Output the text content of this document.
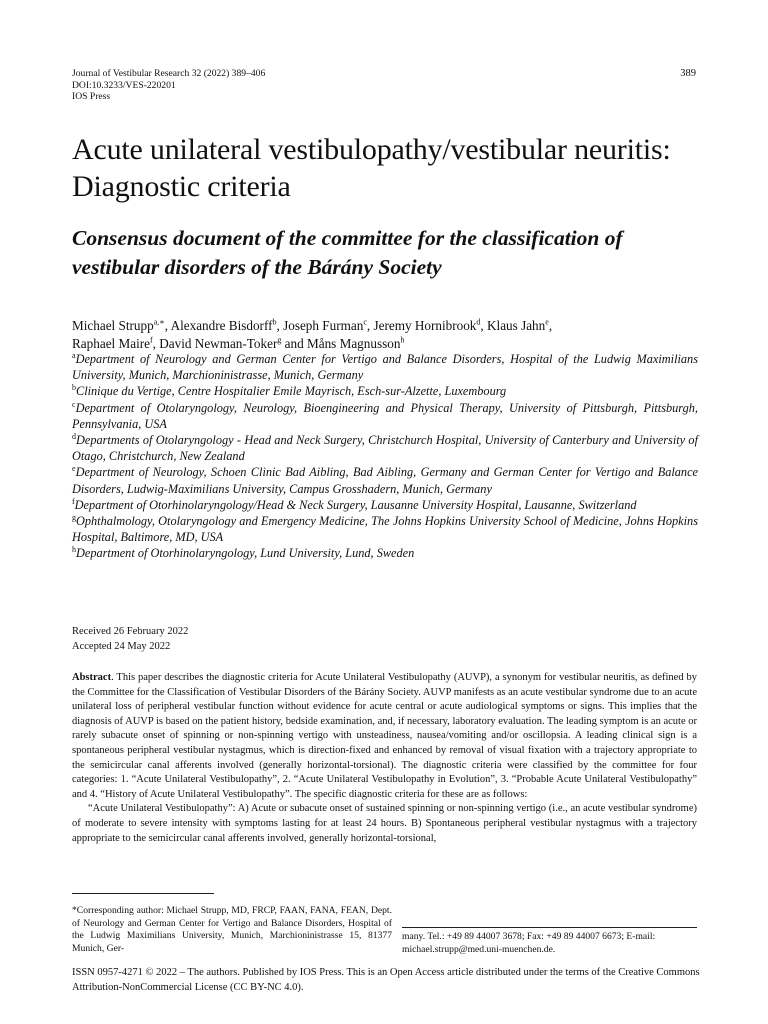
Journal of Vestibular Research 32 (2022) 389–406
DOI:10.3233/VES-220201
IOS Press
389
Acute unilateral vestibulopathy/vestibular neuritis: Diagnostic criteria
Consensus document of the committee for the classification of vestibular disorders of the Bárány Society
Michael Strupp$^{a,∗}$, Alexandre Bisdorff$^b$, Joseph Furman$^c$, Jeremy Hornibrook$^d$, Klaus Jahn$^e$,
Raphael Maire$^f$, David Newman-Toker$^g$ and Måns Magnusson$^h$

$^a$Department of Neurology and German Center for Vertigo and Balance Disorders, Hospital of the Ludwig Maximilians University, Munich, Marchioninistrasse, Munich, Germany

$^b$Clinique du Vertige, Centre Hospitalier Emile Mayrisch, Esch-sur-Alzette, Luxembourg

$^c$Department of Otolaryngology, Neurology, Bioengineering and Physical Therapy, University of Pittsburgh, Pittsburgh, Pennsylvania, USA

$^d$Departments of Otolaryngology - Head and Neck Surgery, Christchurch Hospital, University of Canterbury and University of Otago, Christchurch, New Zealand

$^e$Department of Neurology, Schoen Clinic Bad Aibling, Bad Aibling, Germany and German Center for Vertigo and Balance Disorders, Ludwig-Maximilians University, Campus Grosshadern, Munich, Germany

$^f$Department of Otorhinolaryngology/Head & Neck Surgery, Lausanne University Hospital, Lausanne, Switzerland

$^g$Ophthalmology, Otolaryngology and Emergency Medicine, The Johns Hopkins University School of Medicine, Johns Hopkins Hospital, Baltimore, MD, USA

$^h$Department of Otorhinolaryngology, Lund University, Lund, Sweden

Received 26 February 2022
Accepted 24 May 2022

Abstract. This paper describes the diagnostic criteria for Acute Unilateral Vestibulopathy (AUVP), a synonym for vestibular neuritis, as defined by the Committee for the Classification of Vestibular Disorders of the Bárány Society. AUVP manifests as an acute vestibular syndrome due to an acute unilateral loss of peripheral vestibular function without evidence for acute central or acute audiological symptoms or signs. This implies that the diagnosis of AUVP is based on the patient history, bedside examination, and, if necessary, laboratory evaluation. The leading symptom is an acute or rarely subacute onset of spinning or non-spinning vertigo with unsteadiness, nausea/vomiting and/or oscillopsia. A leading clinical sign is a spontaneous peripheral vestibular nystagmus, which is direction-fixed and enhanced by removal of visual fixation with a trajectory appropriate to the semicircular canal afferents involved (generally horizontal-torsional). The diagnostic criteria were classified by the committee for four categories: 1. “Acute Unilateral Vestibulopathy”, 2. “Acute Unilateral Vestibulopathy in Evolution”, 3. “Probable Acute Unilateral Vestibulopathy” and 4. “History of Acute Unilateral Vestibulopathy”. The specific diagnostic criteria for these are as follows:

“Acute Unilateral Vestibulopathy”: A) Acute or subacute onset of sustained spinning or non-spinning vertigo (i.e., an acute vestibular syndrome) of moderate to severe intensity with symptoms lasting for at least 24 hours. B) Spontaneous peripheral vestibular nystagmus with a trajectory appropriate to the semicircular canal afferents involved, generally horizontal-torsional,

*Corresponding author: Michael Strupp, MD, FRCP, FAAN, FANA, FEAN, Dept. of Neurology and German Center for Vertigo and Balance Disorders, Hospital of the Ludwig Maximilians University, Munich, Marchioninistrasse 15, 81377 Munich, Ger-
many. Tel.: +49 89 44007 3678; Fax: +49 89 44007 6673; E-mail: michael.strupp@med.uni-muenchen.de.
ISSN 0957-4271 © 2022 – The authors. Published by IOS Press. This is an Open Access article distributed under the terms of the Creative Commons Attribution-NonCommercial License (CC BY-NC 4.0).
